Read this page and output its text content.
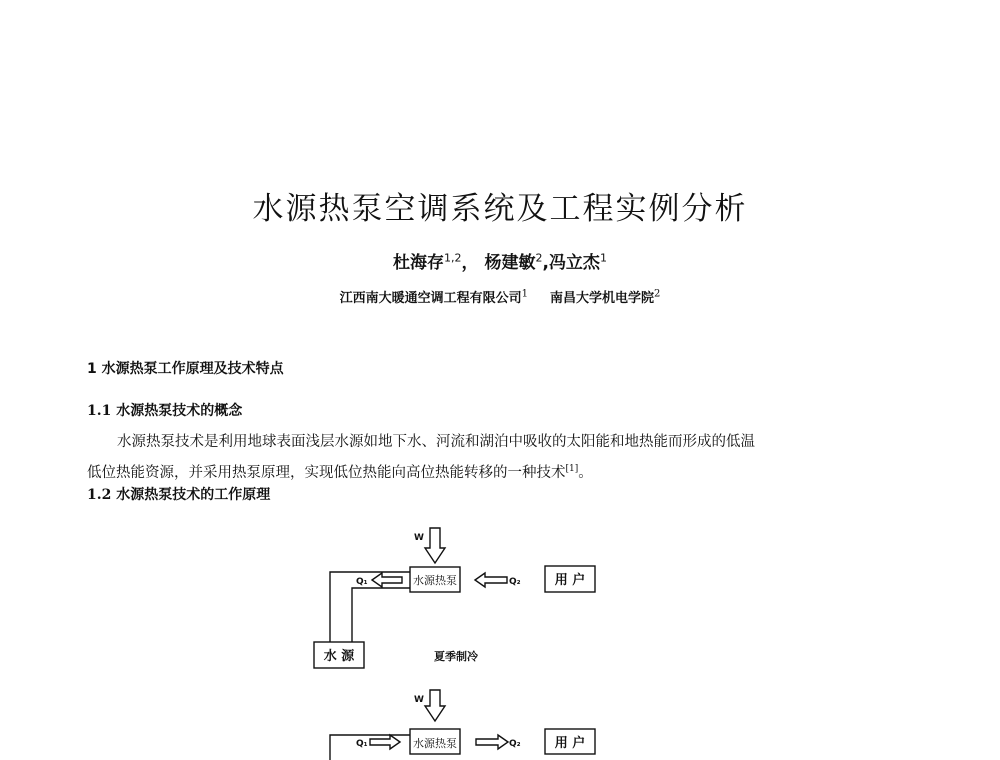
水源热泵空调系统及工程实例分析
杜海存$^{1,2}$， 杨建敏$^2$,冯立杰$^1$
江西南大暖通空调工程有限公司$^1$ 南昌大学机电学院$^2$
1 水源热泵工作原理及技术特点
1.1 水源热泵技术的概念

水源热泵技术是利用地球表面浅层水源如地下水、河流和湖泊中吸收的太阳能和地热能而形成的低温
低位热能资源，并采用热泵原理，实现低位热能向高位热能转移的一种技术[1]。

1.2 水源热泵技术的工作原理
W
水源热泵	用 户
水 源
Q₁	Q₂
夏季制冷
W
水源热泵	用 户
Q₁	Q₂
